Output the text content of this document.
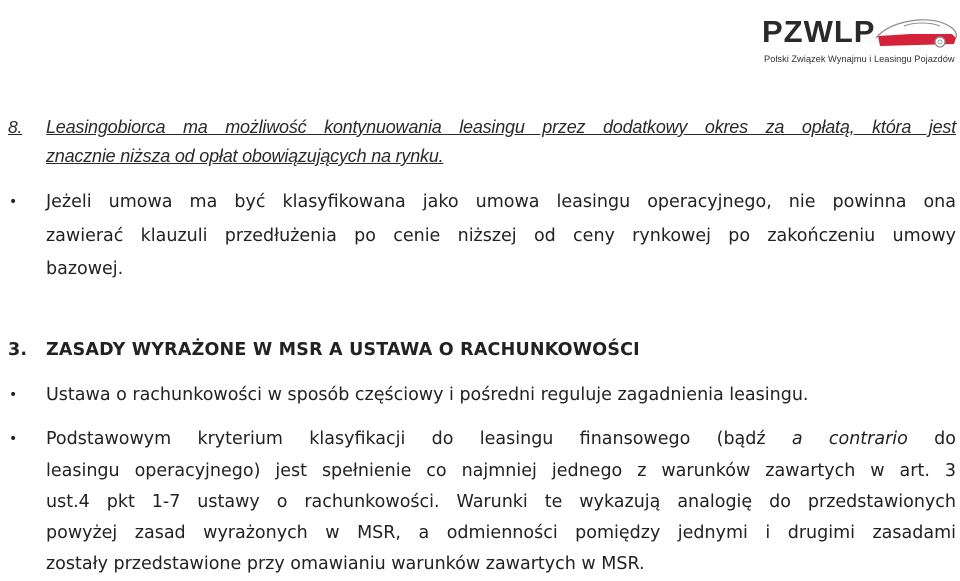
PZWLP
Polski Związek Wynajmu i Leasingu Pojazdów
8. Leasingobiorca ma możliwość kontynuowania leasingu przez dodatkowy okres za opłatą, która jest
znacznie niższa od opłat obowiązujących na rynku.
• Jeżeli umowa ma być klasyfikowana jako umowa leasingu operacyjnego, nie powinna ona
zawierać klauzuli przedłużenia po cenie niższej od ceny rynkowej po zakończeniu umowy
bazowej.
3. ZASADY WYRAŻONE W MSR A USTAWA O RACHUNKOWOŚCI
• Ustawa o rachunkowości w sposób częściowy i pośredni reguluje zagadnienia leasingu.
• Podstawowym kryterium klasyfikacji do leasingu finansowego (bądź a contrario do
leasingu operacyjnego) jest spełnienie co najmniej jednego z warunków zawartych w art. 3
ust.4 pkt 1-7 ustawy o rachunkowości. Warunki te wykazują analogię do przedstawionych
powyżej zasad wyrażonych w MSR, a odmienności pomiędzy jednymi i drugimi zasadami
zostały przedstawione przy omawianiu warunków zawartych w MSR.
